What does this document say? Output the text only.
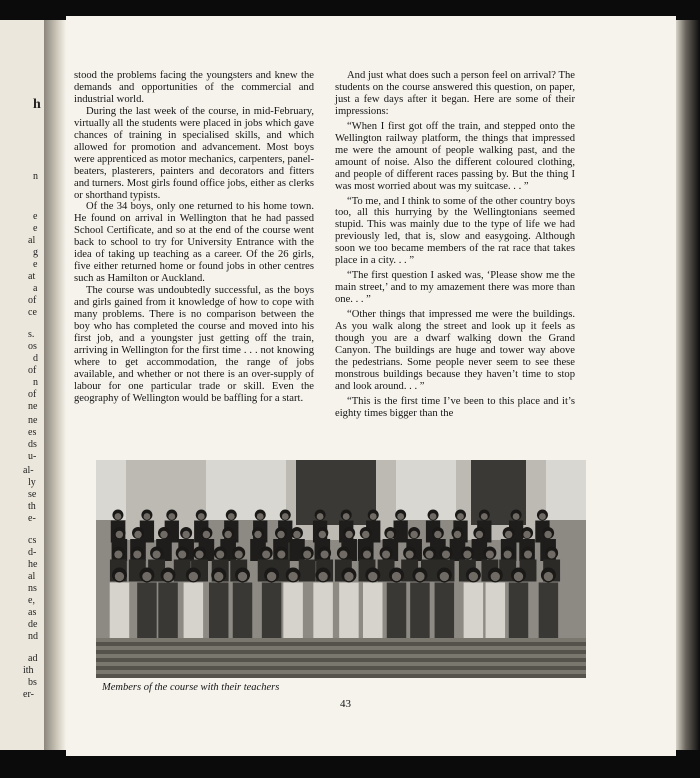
h
n
e
e
al
g
e
at
a
of
ce
s.
os
d
of
n
of
ne
ne
es
ds
u-
al-
ly
se
th
e-
cs
d-
he
al
ns
e,
as
de
nd
ad
ith
bs
er-

stood the problems facing the youngsters and knew the demands and opportunities of the commercial and industrial world.

During the last week of the course, in mid-February, virtually all the students were placed in jobs which gave chances of training in specialised skills, and which allowed for promotion and advancement. Most boys were apprenticed as motor mechanics, carpenters, panel-beaters, plasterers, painters and decorators and fitters and turners. Most girls found office jobs, either as clerks or shorthand typists.

Of the 34 boys, only one returned to his home town. He found on arrival in Wellington that he had passed School Certificate, and so at the end of the course went back to school to try for University Entrance with the idea of taking up teaching as a career. Of the 26 girls, five either returned home or found jobs in other centres such as Hamilton or Auckland.

The course was undoubtedly successful, as the boys and girls gained from it knowledge of how to cope with many problems. There is no comparison between the boy who has completed the course and moved into his first job, and a youngster just getting off the train, arriving in Wellington for the first time . . . not knowing where to get accommodation, the range of jobs available, and whether or not there is an over-supply of labour for one particular trade or skill. Even the geography of Wellington would be baffling for a start.

And just what does such a person feel on arrival? The students on the course answered this question, on paper, just a few days after it began. Here are some of their impressions:

“When I first got off the train, and stepped onto the Wellington railway platform, the things that impressed me were the amount of people walking past, and the amount of noise. Also the different coloured clothing, and people of different races passing by. But the thing I was most worried about was my suitcase. . . ”

“To me, and I think to some of the other country boys too, all this hurrying by the Wellingtonians seemed stupid. This was mainly due to the type of life we had previously led, that is, slow and easygoing. Although soon we too became members of the rat race that takes place in a city. . . ”

“The first question I asked was, ‘Please show me the main street,’ and to my amazement there was more than one. . . ”

“Other things that impressed me were the buildings. As you walk along the street and look up it feels as though you are a dwarf walking down the Grand Canyon. The buildings are huge and tower way above the pedestrians. Some people never seem to see these monstrous buildings because they haven’t time to stop and look around. . . ”

“This is the first time I’ve been to this place and it’s eighty times bigger than the

Members of the course with their teachers
43
